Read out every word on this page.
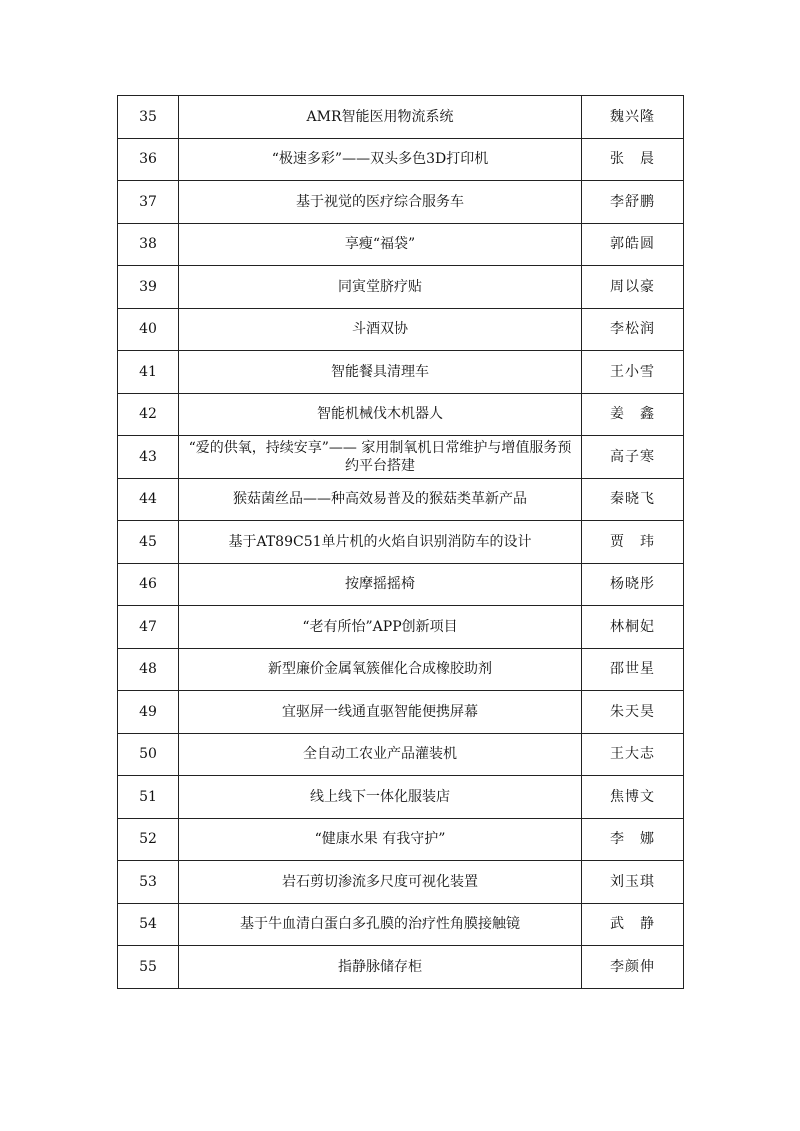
35	AMR智能医用物流系统	魏兴隆
36	“极速多彩”——双头多色3D打印机	张　晨
37	基于视觉的医疗综合服务车	李舒鹏
38	享瘦“福袋”	郭皓圆
39	同寅堂脐疗贴	周以豪
40	斗酒双协	李松润
41	智能餐具清理车	王小雪
42	智能机械伐木机器人	姜　鑫
43	“爱的供氧，持续安享”—— 家用制氧机日常维护与增值服务预约平台搭建	高子寒
44	猴菇菌丝品——种高效易普及的猴菇类革新产品	秦晓飞
45	基于AT89C51单片机的火焰自识别消防车的设计	贾　玮
46	按摩摇摇椅	杨晓彤
47	“老有所怡”APP创新项目	林桐妃
48	新型廉价金属氧簇催化合成橡胶助剂	邵世星
49	宜驱屏一线通直驱智能便携屏幕	朱天昊
50	全自动工农业产品灌装机	王大志
51	线上线下一体化服装店	焦博文
52	“健康水果 有我守护”	李　娜
53	岩石剪切渗流多尺度可视化装置	刘玉琪
54	基于牛血清白蛋白多孔膜的治疗性角膜接触镜	武　静
55	指静脉储存柜	李颜伸
